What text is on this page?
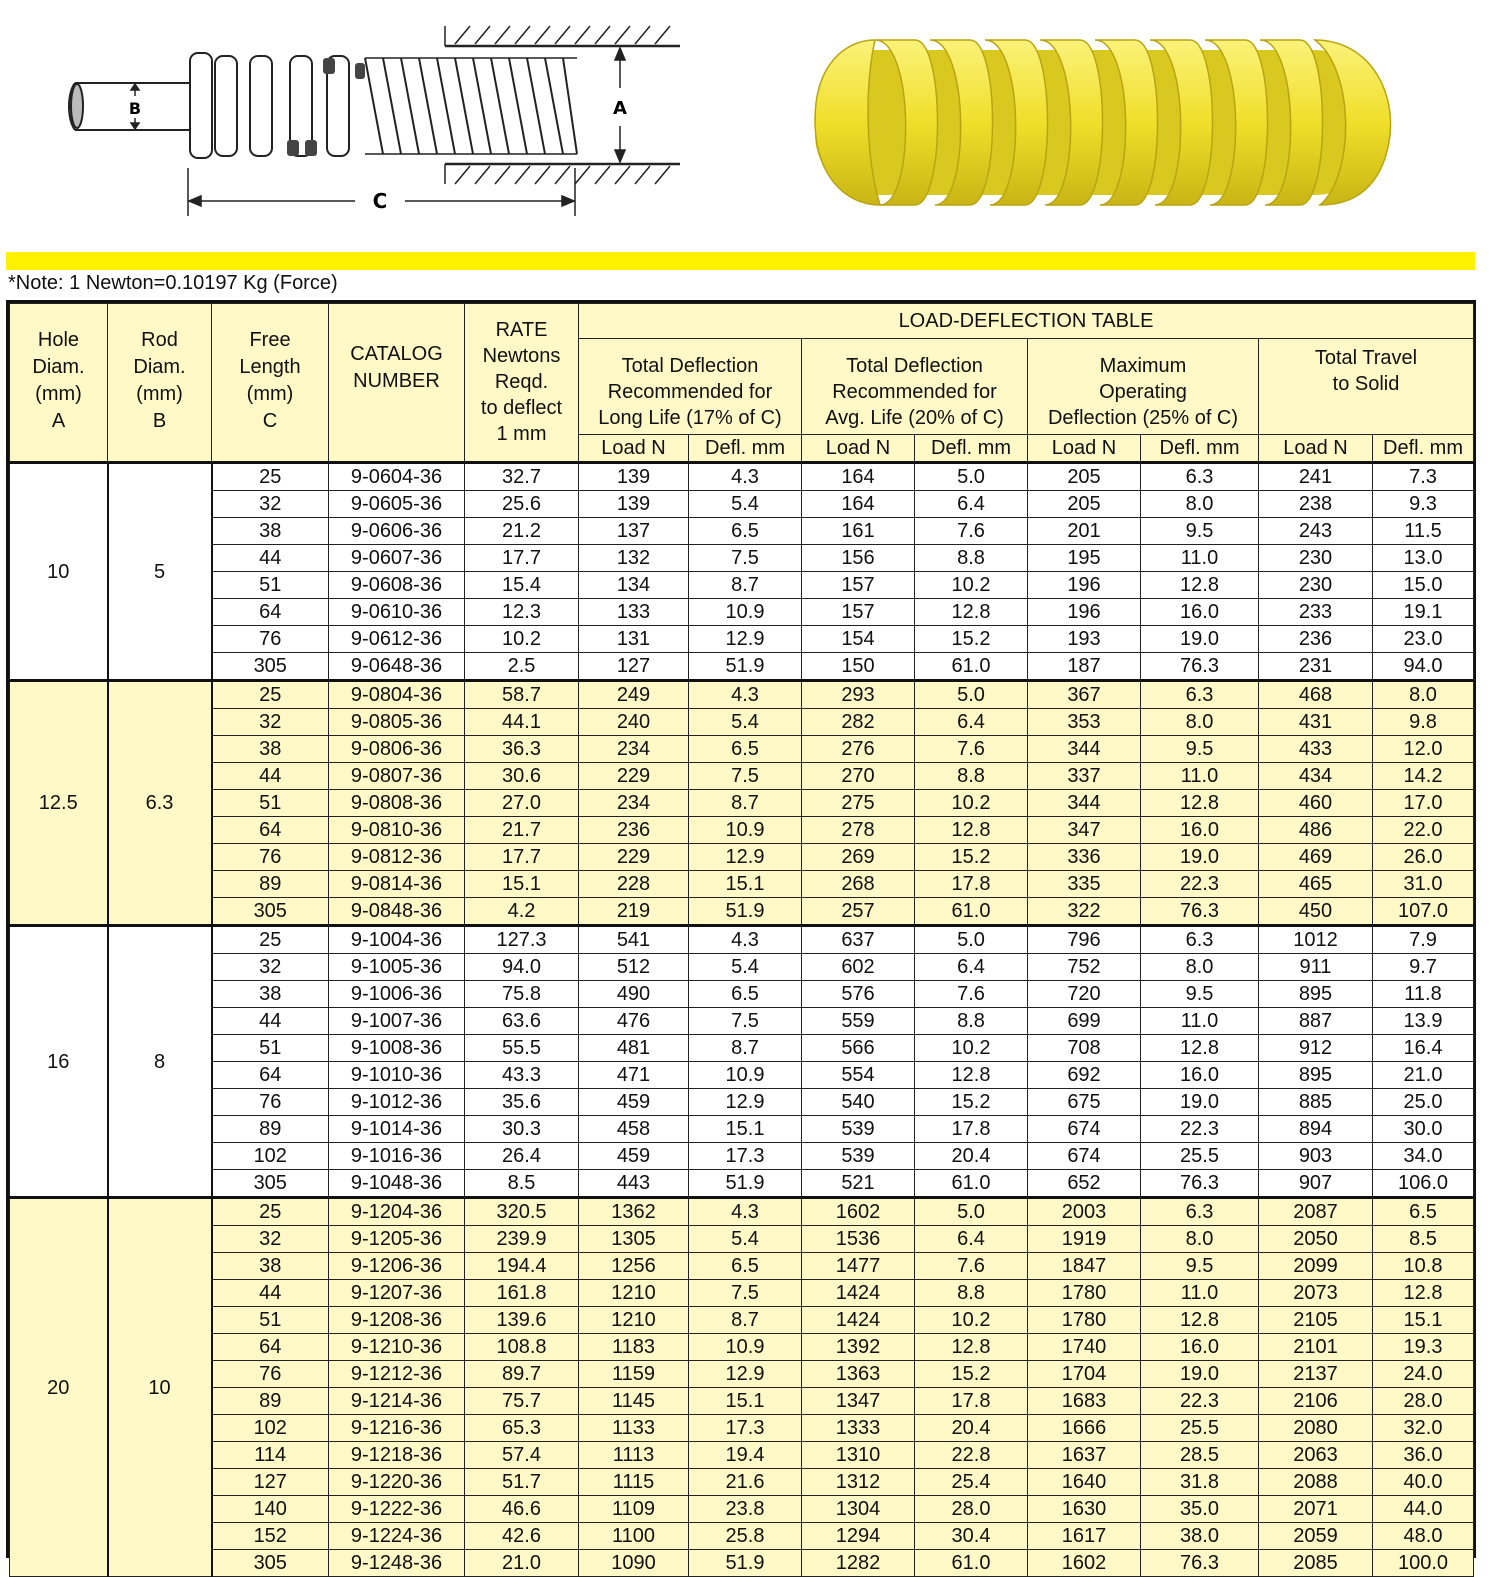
A
B
C
*Note: 1 Newton=0.10197 Kg (Force)
Hole
Diam.
(mm)
A	Rod
Diam.
(mm)
B	Free
Length
(mm)
C	CATALOG
NUMBER	RATE
Newtons
Reqd.
to deflect
1 mm	LOAD-DEFLECTION TABLE							
					Total Deflection
Recommended for
Long Life (17% of C)		Total Deflection
Recommended for
Avg. Life (20% of C)		Maximum
Operating
Deflection (25% of C)		Total Travel
to Solid	
					Load N	Defl. mm	Load N	Defl. mm	Load N	Defl. mm	Load N	Defl. mm
10	5	25	9-0604-36	32.7	139	4.3	164	5.0	205	6.3	241	7.3
		32	9-0605-36	25.6	139	5.4	164	6.4	205	8.0	238	9.3
		38	9-0606-36	21.2	137	6.5	161	7.6	201	9.5	243	11.5
		44	9-0607-36	17.7	132	7.5	156	8.8	195	11.0	230	13.0
		51	9-0608-36	15.4	134	8.7	157	10.2	196	12.8	230	15.0
		64	9-0610-36	12.3	133	10.9	157	12.8	196	16.0	233	19.1
		76	9-0612-36	10.2	131	12.9	154	15.2	193	19.0	236	23.0
		305	9-0648-36	2.5	127	51.9	150	61.0	187	76.3	231	94.0
12.5	6.3	25	9-0804-36	58.7	249	4.3	293	5.0	367	6.3	468	8.0
		32	9-0805-36	44.1	240	5.4	282	6.4	353	8.0	431	9.8
		38	9-0806-36	36.3	234	6.5	276	7.6	344	9.5	433	12.0
		44	9-0807-36	30.6	229	7.5	270	8.8	337	11.0	434	14.2
		51	9-0808-36	27.0	234	8.7	275	10.2	344	12.8	460	17.0
		64	9-0810-36	21.7	236	10.9	278	12.8	347	16.0	486	22.0
		76	9-0812-36	17.7	229	12.9	269	15.2	336	19.0	469	26.0
		89	9-0814-36	15.1	228	15.1	268	17.8	335	22.3	465	31.0
		305	9-0848-36	4.2	219	51.9	257	61.0	322	76.3	450	107.0
16	8	25	9-1004-36	127.3	541	4.3	637	5.0	796	6.3	1012	7.9
		32	9-1005-36	94.0	512	5.4	602	6.4	752	8.0	911	9.7
		38	9-1006-36	75.8	490	6.5	576	7.6	720	9.5	895	11.8
		44	9-1007-36	63.6	476	7.5	559	8.8	699	11.0	887	13.9
		51	9-1008-36	55.5	481	8.7	566	10.2	708	12.8	912	16.4
		64	9-1010-36	43.3	471	10.9	554	12.8	692	16.0	895	21.0
		76	9-1012-36	35.6	459	12.9	540	15.2	675	19.0	885	25.0
		89	9-1014-36	30.3	458	15.1	539	17.8	674	22.3	894	30.0
		102	9-1016-36	26.4	459	17.3	539	20.4	674	25.5	903	34.0
		305	9-1048-36	8.5	443	51.9	521	61.0	652	76.3	907	106.0
20	10	25	9-1204-36	320.5	1362	4.3	1602	5.0	2003	6.3	2087	6.5
		32	9-1205-36	239.9	1305	5.4	1536	6.4	1919	8.0	2050	8.5
		38	9-1206-36	194.4	1256	6.5	1477	7.6	1847	9.5	2099	10.8
		44	9-1207-36	161.8	1210	7.5	1424	8.8	1780	11.0	2073	12.8
		51	9-1208-36	139.6	1210	8.7	1424	10.2	1780	12.8	2105	15.1
		64	9-1210-36	108.8	1183	10.9	1392	12.8	1740	16.0	2101	19.3
		76	9-1212-36	89.7	1159	12.9	1363	15.2	1704	19.0	2137	24.0
		89	9-1214-36	75.7	1145	15.1	1347	17.8	1683	22.3	2106	28.0
		102	9-1216-36	65.3	1133	17.3	1333	20.4	1666	25.5	2080	32.0
		114	9-1218-36	57.4	1113	19.4	1310	22.8	1637	28.5	2063	36.0
		127	9-1220-36	51.7	1115	21.6	1312	25.4	1640	31.8	2088	40.0
		140	9-1222-36	46.6	1109	23.8	1304	28.0	1630	35.0	2071	44.0
		152	9-1224-36	42.6	1100	25.8	1294	30.4	1617	38.0	2059	48.0
		305	9-1248-36	21.0	1090	51.9	1282	61.0	1602	76.3	2085	100.0
